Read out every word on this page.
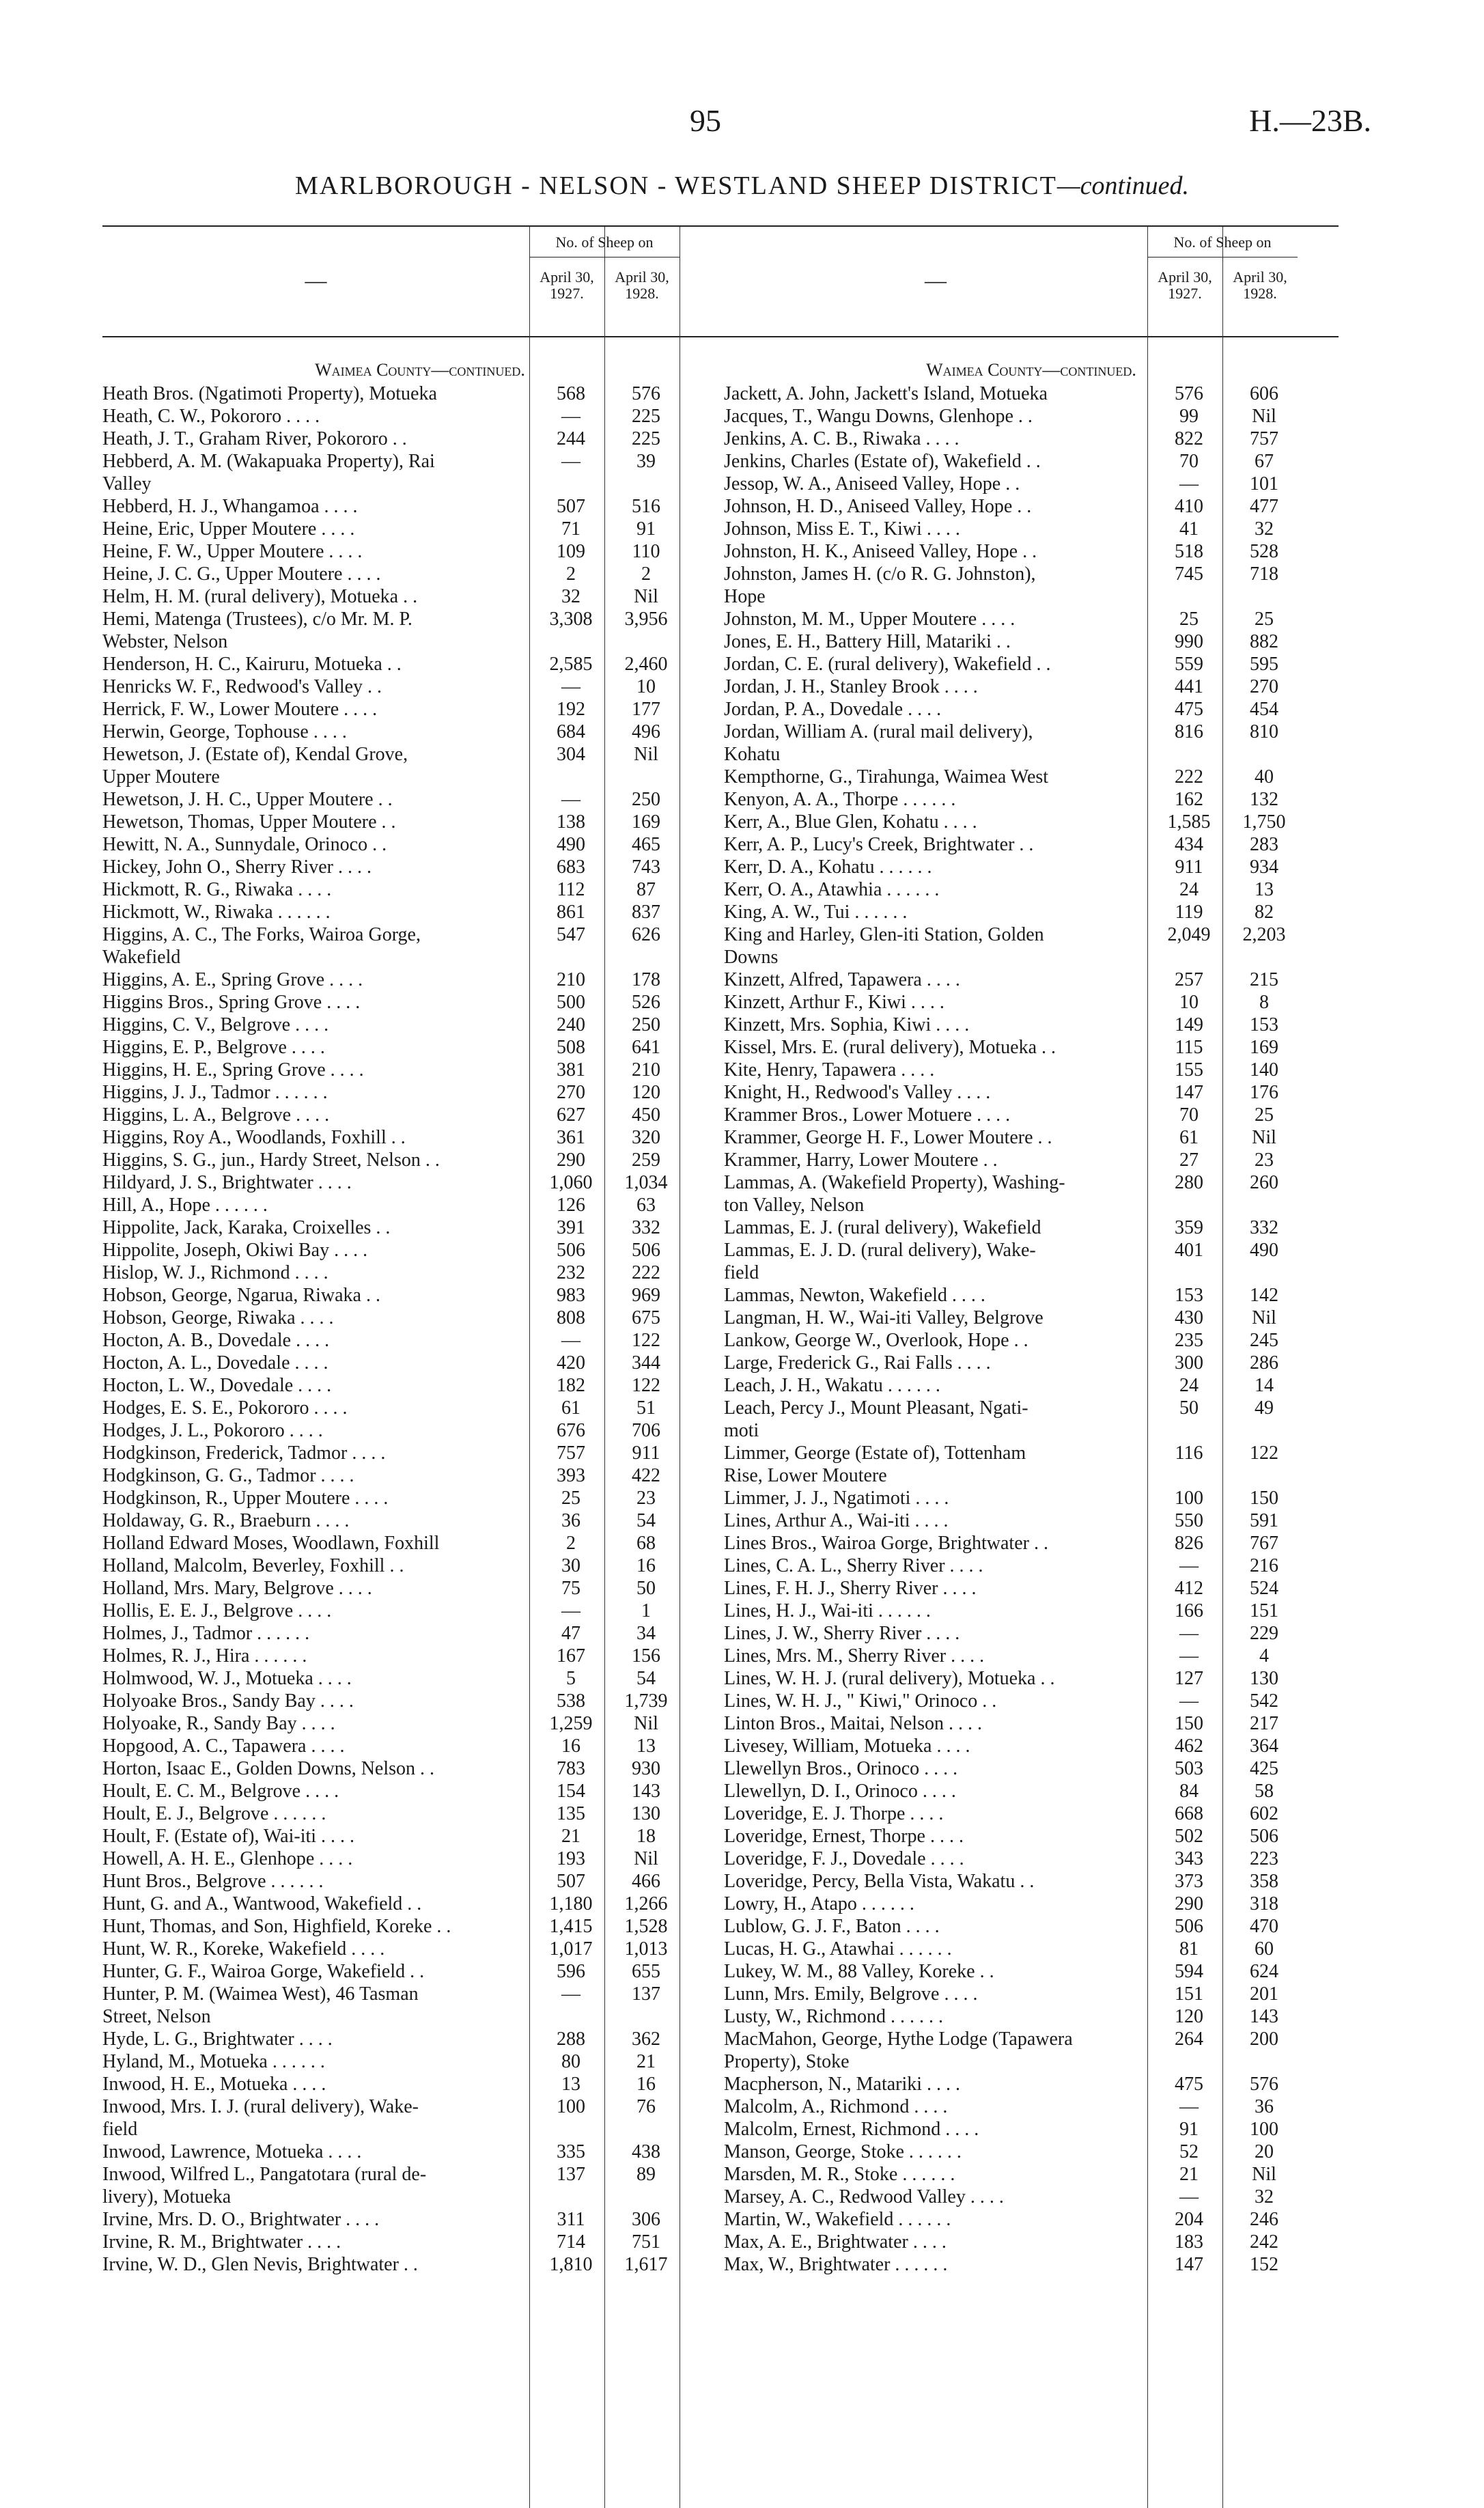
95	H.—23B.
MARLBOROUGH - NELSON - WESTLAND SHEEP DISTRICT—continued.
—
No. of Sheep on
April 30, 1927.
April 30, 1928.
Waimea County—continued.
Heath Bros. (Ngatimoti Property), Motueka	568	576
Heath, C. W., Pokororo . . . .	—	225
Heath, J. T., Graham River, Pokororo . .	244	225
Hebberd, A. M. (Wakapuaka Property), Rai	—	39
Valley
Hebberd, H. J., Whangamoa . . . .	507	516
Heine, Eric, Upper Moutere . . . .	71	91
Heine, F. W., Upper Moutere . . . .	109	110
Heine, J. C. G., Upper Moutere . . . .	2	2
Helm, H. M. (rural delivery), Motueka . .	32	Nil
Hemi, Matenga (Trustees), c/o Mr. M. P.	3,308	3,956
Webster, Nelson
Henderson, H. C., Kairuru, Motueka . .	2,585	2,460
Henricks W. F., Redwood's Valley . .	—	10
Herrick, F. W., Lower Moutere . . . .	192	177
Herwin, George, Tophouse . . . .	684	496
Hewetson, J. (Estate of), Kendal Grove,	304	Nil
Upper Moutere
Hewetson, J. H. C., Upper Moutere . .	—	250
Hewetson, Thomas, Upper Moutere . .	138	169
Hewitt, N. A., Sunnydale, Orinoco . .	490	465
Hickey, John O., Sherry River . . . .	683	743
Hickmott, R. G., Riwaka . . . .	112	87
Hickmott, W., Riwaka . . . . . .	861	837
Higgins, A. C., The Forks, Wairoa Gorge,	547	626
Wakefield
Higgins, A. E., Spring Grove . . . .	210	178
Higgins Bros., Spring Grove . . . .	500	526
Higgins, C. V., Belgrove . . . .	240	250
Higgins, E. P., Belgrove . . . .	508	641
Higgins, H. E., Spring Grove . . . .	381	210
Higgins, J. J., Tadmor . . . . . .	270	120
Higgins, L. A., Belgrove . . . .	627	450
Higgins, Roy A., Woodlands, Foxhill . .	361	320
Higgins, S. G., jun., Hardy Street, Nelson . .	290	259
Hildyard, J. S., Brightwater . . . .	1,060	1,034
Hill, A., Hope . . . . . .	126	63
Hippolite, Jack, Karaka, Croixelles . .	391	332
Hippolite, Joseph, Okiwi Bay . . . .	506	506
Hislop, W. J., Richmond . . . .	232	222
Hobson, George, Ngarua, Riwaka . .	983	969
Hobson, George, Riwaka . . . .	808	675
Hocton, A. B., Dovedale . . . .	—	122
Hocton, A. L., Dovedale . . . .	420	344
Hocton, L. W., Dovedale . . . .	182	122
Hodges, E. S. E., Pokororo . . . .	61	51
Hodges, J. L., Pokororo . . . .	676	706
Hodgkinson, Frederick, Tadmor . . . .	757	911
Hodgkinson, G. G., Tadmor . . . .	393	422
Hodgkinson, R., Upper Moutere . . . .	25	23
Holdaway, G. R., Braeburn . . . .	36	54
Holland Edward Moses, Woodlawn, Foxhill	2	68
Holland, Malcolm, Beverley, Foxhill . .	30	16
Holland, Mrs. Mary, Belgrove . . . .	75	50
Hollis, E. E. J., Belgrove . . . .	—	1
Holmes, J., Tadmor . . . . . .	47	34
Holmes, R. J., Hira . . . . . .	167	156
Holmwood, W. J., Motueka . . . .	5	54
Holyoake Bros., Sandy Bay . . . .	538	1,739
Holyoake, R., Sandy Bay . . . .	1,259	Nil
Hopgood, A. C., Tapawera . . . .	16	13
Horton, Isaac E., Golden Downs, Nelson . .	783	930
Hoult, E. C. M., Belgrove . . . .	154	143
Hoult, E. J., Belgrove . . . . . .	135	130
Hoult, F. (Estate of), Wai-iti . . . .	21	18
Howell, A. H. E., Glenhope . . . .	193	Nil
Hunt Bros., Belgrove . . . . . .	507	466
Hunt, G. and A., Wantwood, Wakefield . .	1,180	1,266
Hunt, Thomas, and Son, Highfield, Koreke . .	1,415	1,528
Hunt, W. R., Koreke, Wakefield . . . .	1,017	1,013
Hunter, G. F., Wairoa Gorge, Wakefield . .	596	655
Hunter, P. M. (Waimea West), 46 Tasman	—	137
Street, Nelson
Hyde, L. G., Brightwater . . . .	288	362
Hyland, M., Motueka . . . . . .	80	21
Inwood, H. E., Motueka . . . .	13	16
Inwood, Mrs. I. J. (rural delivery), Wake-	100	76
field
Inwood, Lawrence, Motueka . . . .	335	438
Inwood, Wilfred L., Pangatotara (rural de-	137	89
livery), Motueka
Irvine, Mrs. D. O., Brightwater . . . .	311	306
Irvine, R. M., Brightwater . . . .	714	751
Irvine, W. D., Glen Nevis, Brightwater . .	1,810	1,617
—
No. of Sheep on
April 30, 1927.
April 30, 1928.
Waimea County—continued.
Jackett, A. John, Jackett's Island, Motueka	576	606
Jacques, T., Wangu Downs, Glenhope . .	99	Nil
Jenkins, A. C. B., Riwaka . . . .	822	757
Jenkins, Charles (Estate of), Wakefield . .	70	67
Jessop, W. A., Aniseed Valley, Hope . .	—	101
Johnson, H. D., Aniseed Valley, Hope . .	410	477
Johnson, Miss E. T., Kiwi . . . .	41	32
Johnston, H. K., Aniseed Valley, Hope . .	518	528
Johnston, James H. (c/o R. G. Johnston),	745	718
Hope
Johnston, M. M., Upper Moutere . . . .	25	25
Jones, E. H., Battery Hill, Matariki . .	990	882
Jordan, C. E. (rural delivery), Wakefield . .	559	595
Jordan, J. H., Stanley Brook . . . .	441	270
Jordan, P. A., Dovedale . . . .	475	454
Jordan, William A. (rural mail delivery),	816	810
Kohatu
Kempthorne, G., Tirahunga, Waimea West	222	40
Kenyon, A. A., Thorpe . . . . . .	162	132
Kerr, A., Blue Glen, Kohatu . . . .	1,585	1,750
Kerr, A. P., Lucy's Creek, Brightwater . .	434	283
Kerr, D. A., Kohatu . . . . . .	911	934
Kerr, O. A., Atawhia . . . . . .	24	13
King, A. W., Tui . . . . . .	119	82
King and Harley, Glen-iti Station, Golden	2,049	2,203
Downs
Kinzett, Alfred, Tapawera . . . .	257	215
Kinzett, Arthur F., Kiwi . . . .	10	8
Kinzett, Mrs. Sophia, Kiwi . . . .	149	153
Kissel, Mrs. E. (rural delivery), Motueka . .	115	169
Kite, Henry, Tapawera . . . .	155	140
Knight, H., Redwood's Valley . . . .	147	176
Krammer Bros., Lower Motuere . . . .	70	25
Krammer, George H. F., Lower Moutere . .	61	Nil
Krammer, Harry, Lower Moutere . .	27	23
Lammas, A. (Wakefield Property), Washing-	280	260
ton Valley, Nelson
Lammas, E. J. (rural delivery), Wakefield	359	332
Lammas, E. J. D. (rural delivery), Wake-	401	490
field
Lammas, Newton, Wakefield . . . .	153	142
Langman, H. W., Wai-iti Valley, Belgrove	430	Nil
Lankow, George W., Overlook, Hope . .	235	245
Large, Frederick G., Rai Falls . . . .	300	286
Leach, J. H., Wakatu . . . . . .	24	14
Leach, Percy J., Mount Pleasant, Ngati-	50	49
moti
Limmer, George (Estate of), Tottenham	116	122
Rise, Lower Moutere
Limmer, J. J., Ngatimoti . . . .	100	150
Lines, Arthur A., Wai-iti . . . .	550	591
Lines Bros., Wairoa Gorge, Brightwater . .	826	767
Lines, C. A. L., Sherry River . . . .	—	216
Lines, F. H. J., Sherry River . . . .	412	524
Lines, H. J., Wai-iti . . . . . .	166	151
Lines, J. W., Sherry River . . . .	—	229
Lines, Mrs. M., Sherry River . . . .	—	4
Lines, W. H. J. (rural delivery), Motueka . .	127	130
Lines, W. H. J., " Kiwi," Orinoco . .	—	542
Linton Bros., Maitai, Nelson . . . .	150	217
Livesey, William, Motueka . . . .	462	364
Llewellyn Bros., Orinoco . . . .	503	425
Llewellyn, D. I., Orinoco . . . .	84	58
Loveridge, E. J. Thorpe . . . .	668	602
Loveridge, Ernest, Thorpe . . . .	502	506
Loveridge, F. J., Dovedale . . . .	343	223
Loveridge, Percy, Bella Vista, Wakatu . .	373	358
Lowry, H., Atapo . . . . . .	290	318
Lublow, G. J. F., Baton . . . .	506	470
Lucas, H. G., Atawhai . . . . . .	81	60
Lukey, W. M., 88 Valley, Koreke . .	594	624
Lunn, Mrs. Emily, Belgrove . . . .	151	201
Lusty, W., Richmond . . . . . .	120	143
MacMahon, George, Hythe Lodge (Tapawera	264	200
Property), Stoke
Macpherson, N., Matariki . . . .	475	576
Malcolm, A., Richmond . . . .	—	36
Malcolm, Ernest, Richmond . . . .	91	100
Manson, George, Stoke . . . . . .	52	20
Marsden, M. R., Stoke . . . . . .	21	Nil
Marsey, A. C., Redwood Valley . . . .	—	32
Martin, W., Wakefield . . . . . .	204	246
Max, A. E., Brightwater . . . .	183	242
Max, W., Brightwater . . . . . .	147	152
